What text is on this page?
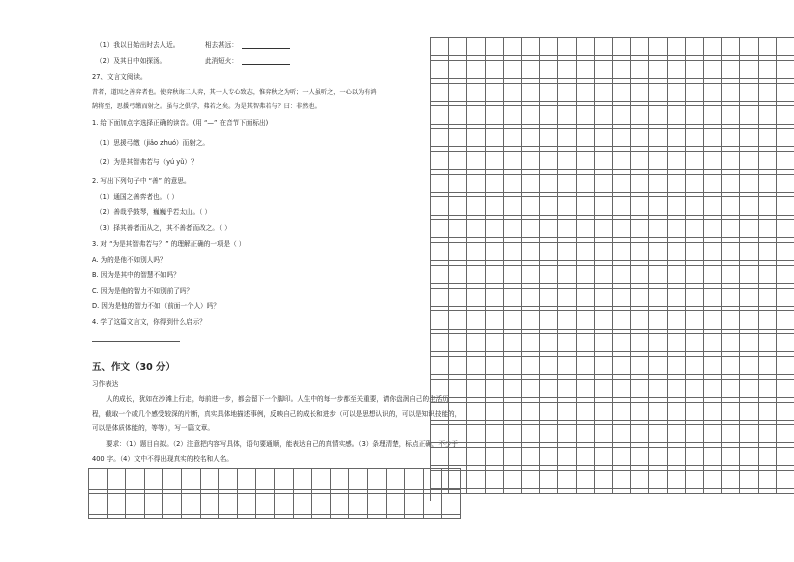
（1）我以日始出时去人近。	相去甚远：
（2）及其日中如探汤。	此消短火：
27、文言文阅读。
昔者，道因之善弈者也。使弈秋诲二人弈，其一人专心致志，惟弈秋之为听；一人虽听之，一心以为有鸿
鹄将至，思援弓缴而射之。虽与之俱学，弗若之矣。为是其智弗若与？曰：非然也。
1. 给下面加点字选择正确的读音。(用 “—” 在音节下面标出)
（1）思援弓缴（jiǎo zhuó）而射之。
（2）为是其智弗若与（yú yǔ）？
2. 写出下列句子中 “善” 的意思。
（1）通国之善弈者也。（ ）
（2）善哉乎鼓琴，巍巍乎若太山。（ ）
（3）择其善者而从之，其不善者而改之。（ ）
3. 对 “为是其智弗若与？” 的理解正确的一项是（ ）
A. 为的是他不如别人吗？
B. 因为是其中的智慧不如吗？
C. 因为是他的智力不如别前了吗？
D. 因为是他的智力不如（前面一个人）吗？
4. 学了这篇文言文，你得到什么启示？
五、作文（30 分）
习作表达
人的成长，犹如在沙滩上行走，每前进一步，都会留下一个脚印。人生中的每一步都至关重要，请你盘润自己的生活历程，截取一个或几个感受较深的片断，真实具体地描述事例，反映自己的成长和进步（可以是思想认识的，可以是知识技能的，可以是体质体能的，等等），写一篇文章。
要求：（1）题目自拟。（2）注意把内容写具体，语句要通顺，能表达自己的真情实感。（3）条理清楚，标点正确，不少于 400 字。（4）文中不得出现真实的校名和人名。
